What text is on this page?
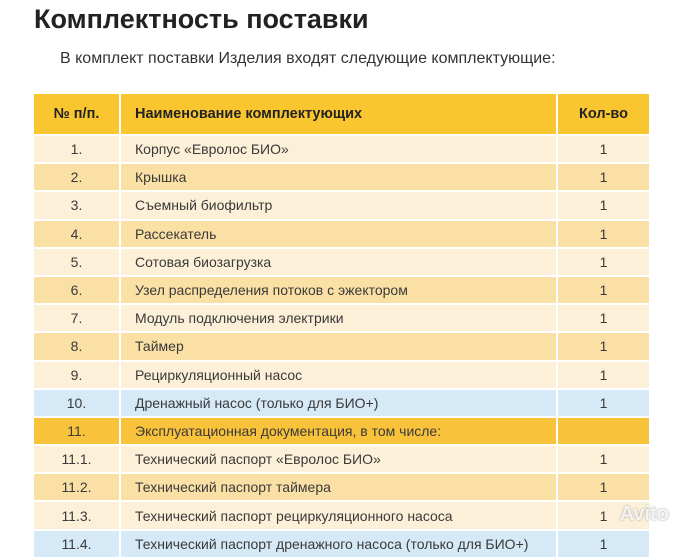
Комплектность поставки
В комплект поставки Изделия входят следующие комплектующие:
№ п/п.	Наименование комплектующих	Кол-во
1.	Корпус «Евролос БИО»	1
2.	Крышка	1
3.	Съемный биофильтр	1
4.	Рассекатель	1
5.	Сотовая биозагрузка	1
6.	Узел распределения потоков с эжектором	1
7.	Модуль подключения электрики	1
8.	Таймер	1
9.	Рециркуляционный насос	1
10.	Дренажный насос (только для БИО+)	1
11.	Эксплуатационная документация, в том числе:	
11.1.	Технический паспорт «Евролос БИО»	1
11.2.	Технический паспорт таймера	1
11.3.	Технический паспорт рециркуляционного насоса	1
11.4.	Технический паспорт дренажного насоса (только для БИО+)	1
Avito
